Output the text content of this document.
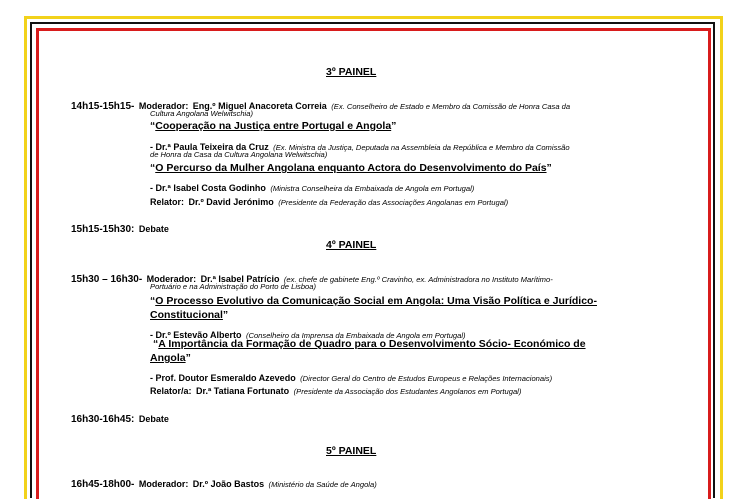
3º PAINEL
14h15-15h15- Moderador: Eng.º Miguel Anacoreta Correia (Ex. Conselheiro de Estado e Membro da Comissão de Honra Casa da
Cultura Angolana Welwitschia)
“Cooperação na Justiça entre Portugal e Angola”
- Dr.ª Paula Teixeira da Cruz (Ex. Ministra da Justiça, Deputada na Assembleia da República e Membro da Comissão
de Honra da Casa da Cultura Angolana Welwitschia)
“O Percurso da Mulher Angolana enquanto Actora do Desenvolvimento do País”
- Dr.ª Isabel Costa Godinho (Ministra Conselheira da Embaixada de Angola em Portugal)
Relator: Dr.º David Jerónimo (Presidente da Federação das Associações Angolanas em Portugal)
15h15-15h30: Debate
4º PAINEL
15h30 – 16h30- Moderador: Dr.ª Isabel Patrício (ex. chefe de gabinete Eng.º Cravinho, ex. Administradora no Instituto Marítimo-
Portuário e na Administração do Porto de Lisboa)
“O Processo Evolutivo da Comunicação Social em Angola: Uma Visão Política e Jurídico-
Constitucional”
- Dr.º Estevão Alberto (Conselheiro da Imprensa da Embaixada de Angola em Portugal)
“A Importância da Formação de Quadro para o Desenvolvimento Sócio- Económico de
Angola”
- Prof. Doutor Esmeraldo Azevedo (Director Geral do Centro de Estudos Europeus e Relações Internacionais)
Relator/a: Dr.ª Tatiana Fortunato (Presidente da Associação dos Estudantes Angolanos em Portugal)
16h30-16h45: Debate
5º PAINEL
16h45-18h00- Moderador: Dr.º João Bastos (Ministério da Saúde de Angola)
